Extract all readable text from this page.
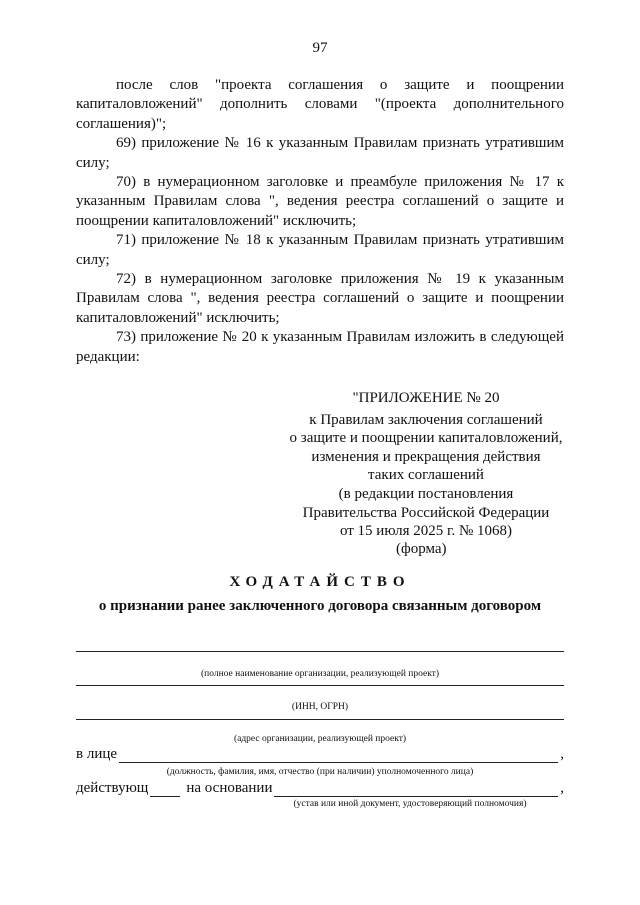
97

после слов "проекта соглашения о защите и поощрении капиталовложений" дополнить словами "(проекта дополнительного соглашения)";

69) приложение № 16 к указанным Правилам признать утратившим силу;

70) в нумерационном заголовке и преамбуле приложения № 17 к указанным Правилам слова ", ведения реестра соглашений о защите и поощрении капиталовложений" исключить;

71) приложение № 18 к указанным Правилам признать утратившим силу;

72) в нумерационном заголовке приложения № 19 к указанным Правилам слова ", ведения реестра соглашений о защите и поощрении капиталовложений" исключить;

73) приложение № 20 к указанным Правилам изложить в следующей редакции:

"ПРИЛОЖЕНИЕ № 20
к Правилам заключения соглашений
о защите и поощрении капиталовложений,
изменения и прекращения действия
таких соглашений
(в редакции постановления
Правительства Российской Федерации
от 15 июля 2025 г. № 1068)
(форма)
ХОДАТАЙСТВО
о признании ранее заключенного договора связанным договором
(полное наименование организации, реализующей проект)
(ИНН, ОГРН)
(адрес организации, реализующей проект)
в лице	,
(должность, фамилия, имя, отчество (при наличии) уполномоченного лица)
действующ	на основании	,
(устав или иной документ, удостоверяющий полномочия)
